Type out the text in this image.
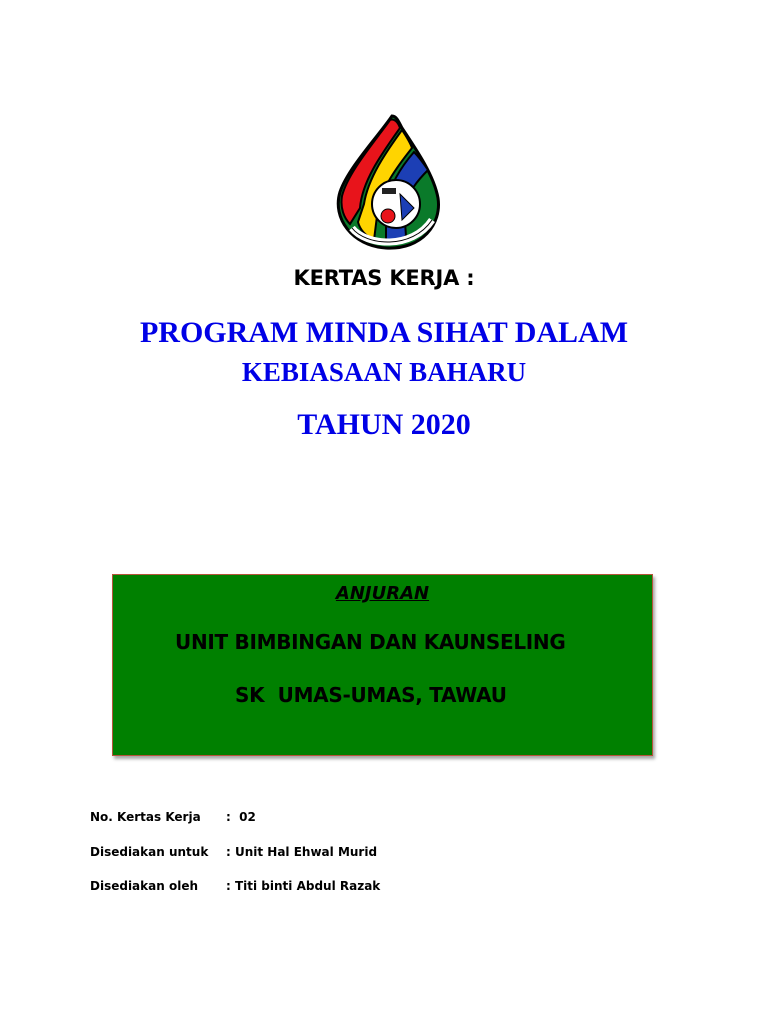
KERTAS KERJA :
PROGRAM MINDA SIHAT DALAM
KEBIASAAN BAHARU
TAHUN 2020
ANJURAN
UNIT BIMBINGAN DAN KAUNSELING
SK  UMAS-UMAS, TAWAU
No. Kertas Kerja :  02
Disediakan untuk : Unit Hal Ehwal Murid
Disediakan oleh : Titi binti Abdul Razak
